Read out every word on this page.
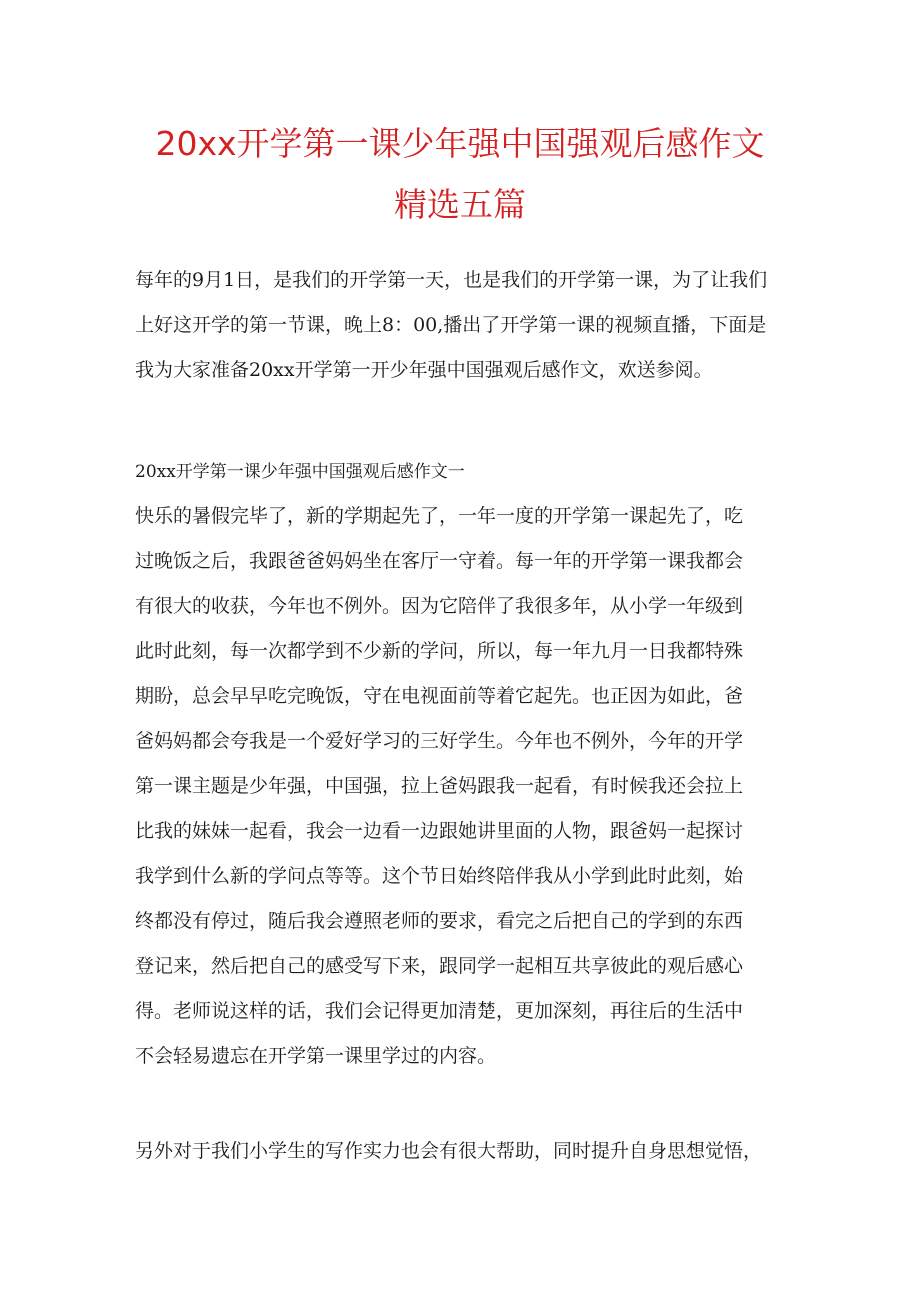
20xx开学第一课少年强中国强观后感作文
精选五篇
每年的9月1日，是我们的开学第一天，也是我们的开学第一课，为了让我们
上好这开学的第一节课，晚上8：00,播出了开学第一课的视频直播，下面是
我为大家准备20xx开学第一开少年强中国强观后感作文，欢送参阅。
20xx开学第一课少年强中国强观后感作文一
快乐的暑假完毕了，新的学期起先了，一年一度的开学第一课起先了，吃
过晚饭之后，我跟爸爸妈妈坐在客厅一守着。每一年的开学第一课我都会
有很大的收获，今年也不例外。因为它陪伴了我很多年，从小学一年级到
此时此刻，每一次都学到不少新的学问，所以，每一年九月一日我都特殊
期盼，总会早早吃完晚饭，守在电视面前等着它起先。也正因为如此，爸
爸妈妈都会夸我是一个爱好学习的三好学生。今年也不例外，今年的开学
第一课主题是少年强，中国强，拉上爸妈跟我一起看，有时候我还会拉上
比我的妹妹一起看，我会一边看一边跟她讲里面的人物，跟爸妈一起探讨
我学到什么新的学问点等等。这个节日始终陪伴我从小学到此时此刻，始
终都没有停过，随后我会遵照老师的要求，看完之后把自己的学到的东西
登记来，然后把自己的感受写下来，跟同学一起相互共享彼此的观后感心
得。老师说这样的话，我们会记得更加清楚，更加深刻，再往后的生活中
不会轻易遗忘在开学第一课里学过的内容。
另外对于我们小学生的写作实力也会有很大帮助，同时提升自身思想觉悟，
